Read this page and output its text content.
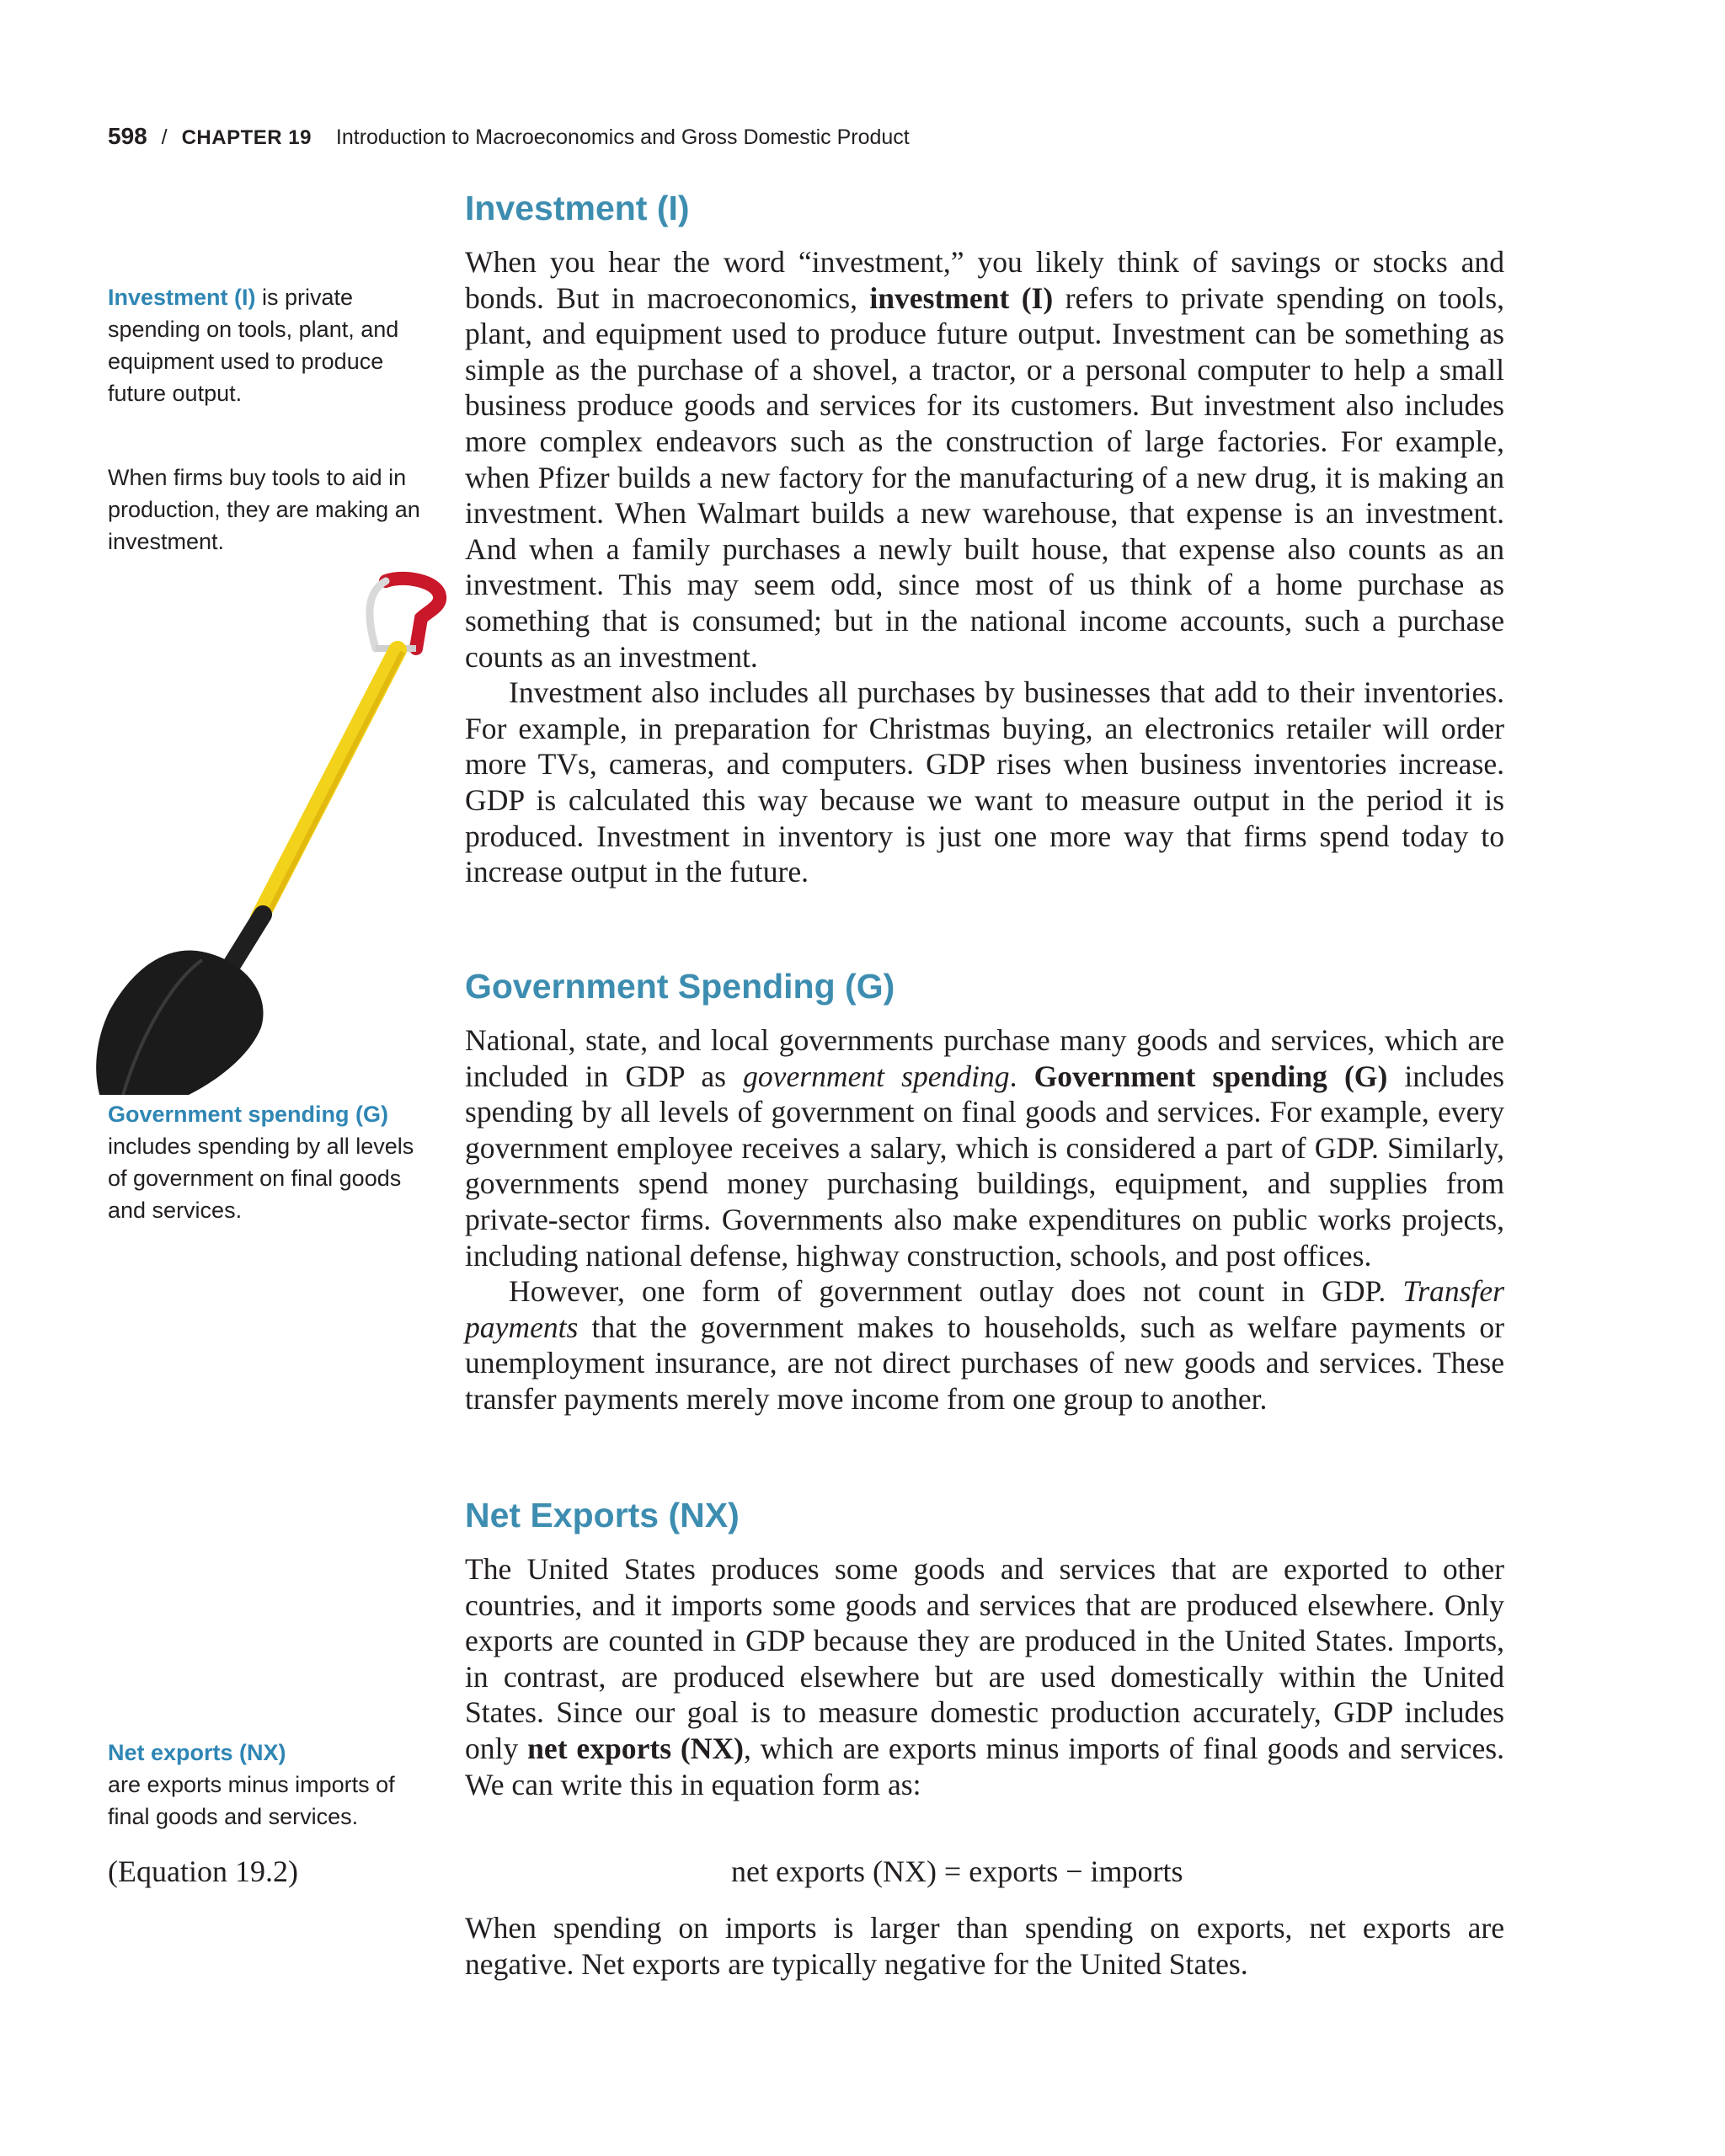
598 / CHAPTER 19 Introduction to Macroeconomics and Gross Domestic Product
Investment (I)

When you hear the word “investment,” you likely think of savings or stocks and bonds. But in macroeconomics, investment (I) refers to private spending on tools, plant, and equipment used to produce future output. Investment can be something as simple as the purchase of a shovel, a tractor, or a personal computer to help a small business produce goods and services for its customers. But investment also includes more complex endeavors such as the construction of large factories. For example, when Pfizer builds a new factory for the manufacturing of a new drug, it is making an investment. When Walmart builds a new warehouse, that expense is an investment. And when a family purchases a newly built house, that expense also counts as an investment. This may seem odd, since most of us think of a home purchase as something that is consumed; but in the national income accounts, such a purchase counts as an investment.

Investment also includes all purchases by businesses that add to their inventories. For example, in preparation for Christmas buying, an electronics retailer will order more TVs, cameras, and computers. GDP rises when business inventories increase. GDP is calculated this way because we want to measure output in the period it is produced. Investment in inventory is just one more way that firms spend today to increase output in the future.

Government Spending (G)

National, state, and local governments purchase many goods and services, which are included in GDP as government spending. Government spending (G) includes spending by all levels of government on final goods and services. For example, every government employee receives a salary, which is considered a part of GDP. Similarly, governments spend money purchasing buildings, equipment, and supplies from private-sector firms. Governments also make expenditures on public works projects, including national defense, highway construction, schools, and post offices.

However, one form of government outlay does not count in GDP. Transfer payments that the government makes to households, such as welfare payments or unemployment insurance, are not direct purchases of new goods and services. These transfer payments merely move income from one group to another.

Net Exports (NX)

The United States produces some goods and services that are exported to other countries, and it imports some goods and services that are produced elsewhere. Only exports are counted in GDP because they are produced in the United States. Imports, in contrast, are produced elsewhere but are used domestically within the United States. Since our goal is to measure domestic production accurately, GDP includes only net exports (NX), which are exports minus imports of final goods and services. We can write this in equation form as:

net exports (NX) = exports − imports
(Equation 19.2)

When spending on imports is larger than spending on exports, net exports are negative. Net exports are typically negative for the United States.

Investment (I) is private spending on tools, plant, and equipment used to produce future output.
When firms buy tools to aid in production, they are making an investment.
Government spending (G)
includes spending by all levels of government on final goods and services.
Net exports (NX)
are exports minus imports of final goods and services.
